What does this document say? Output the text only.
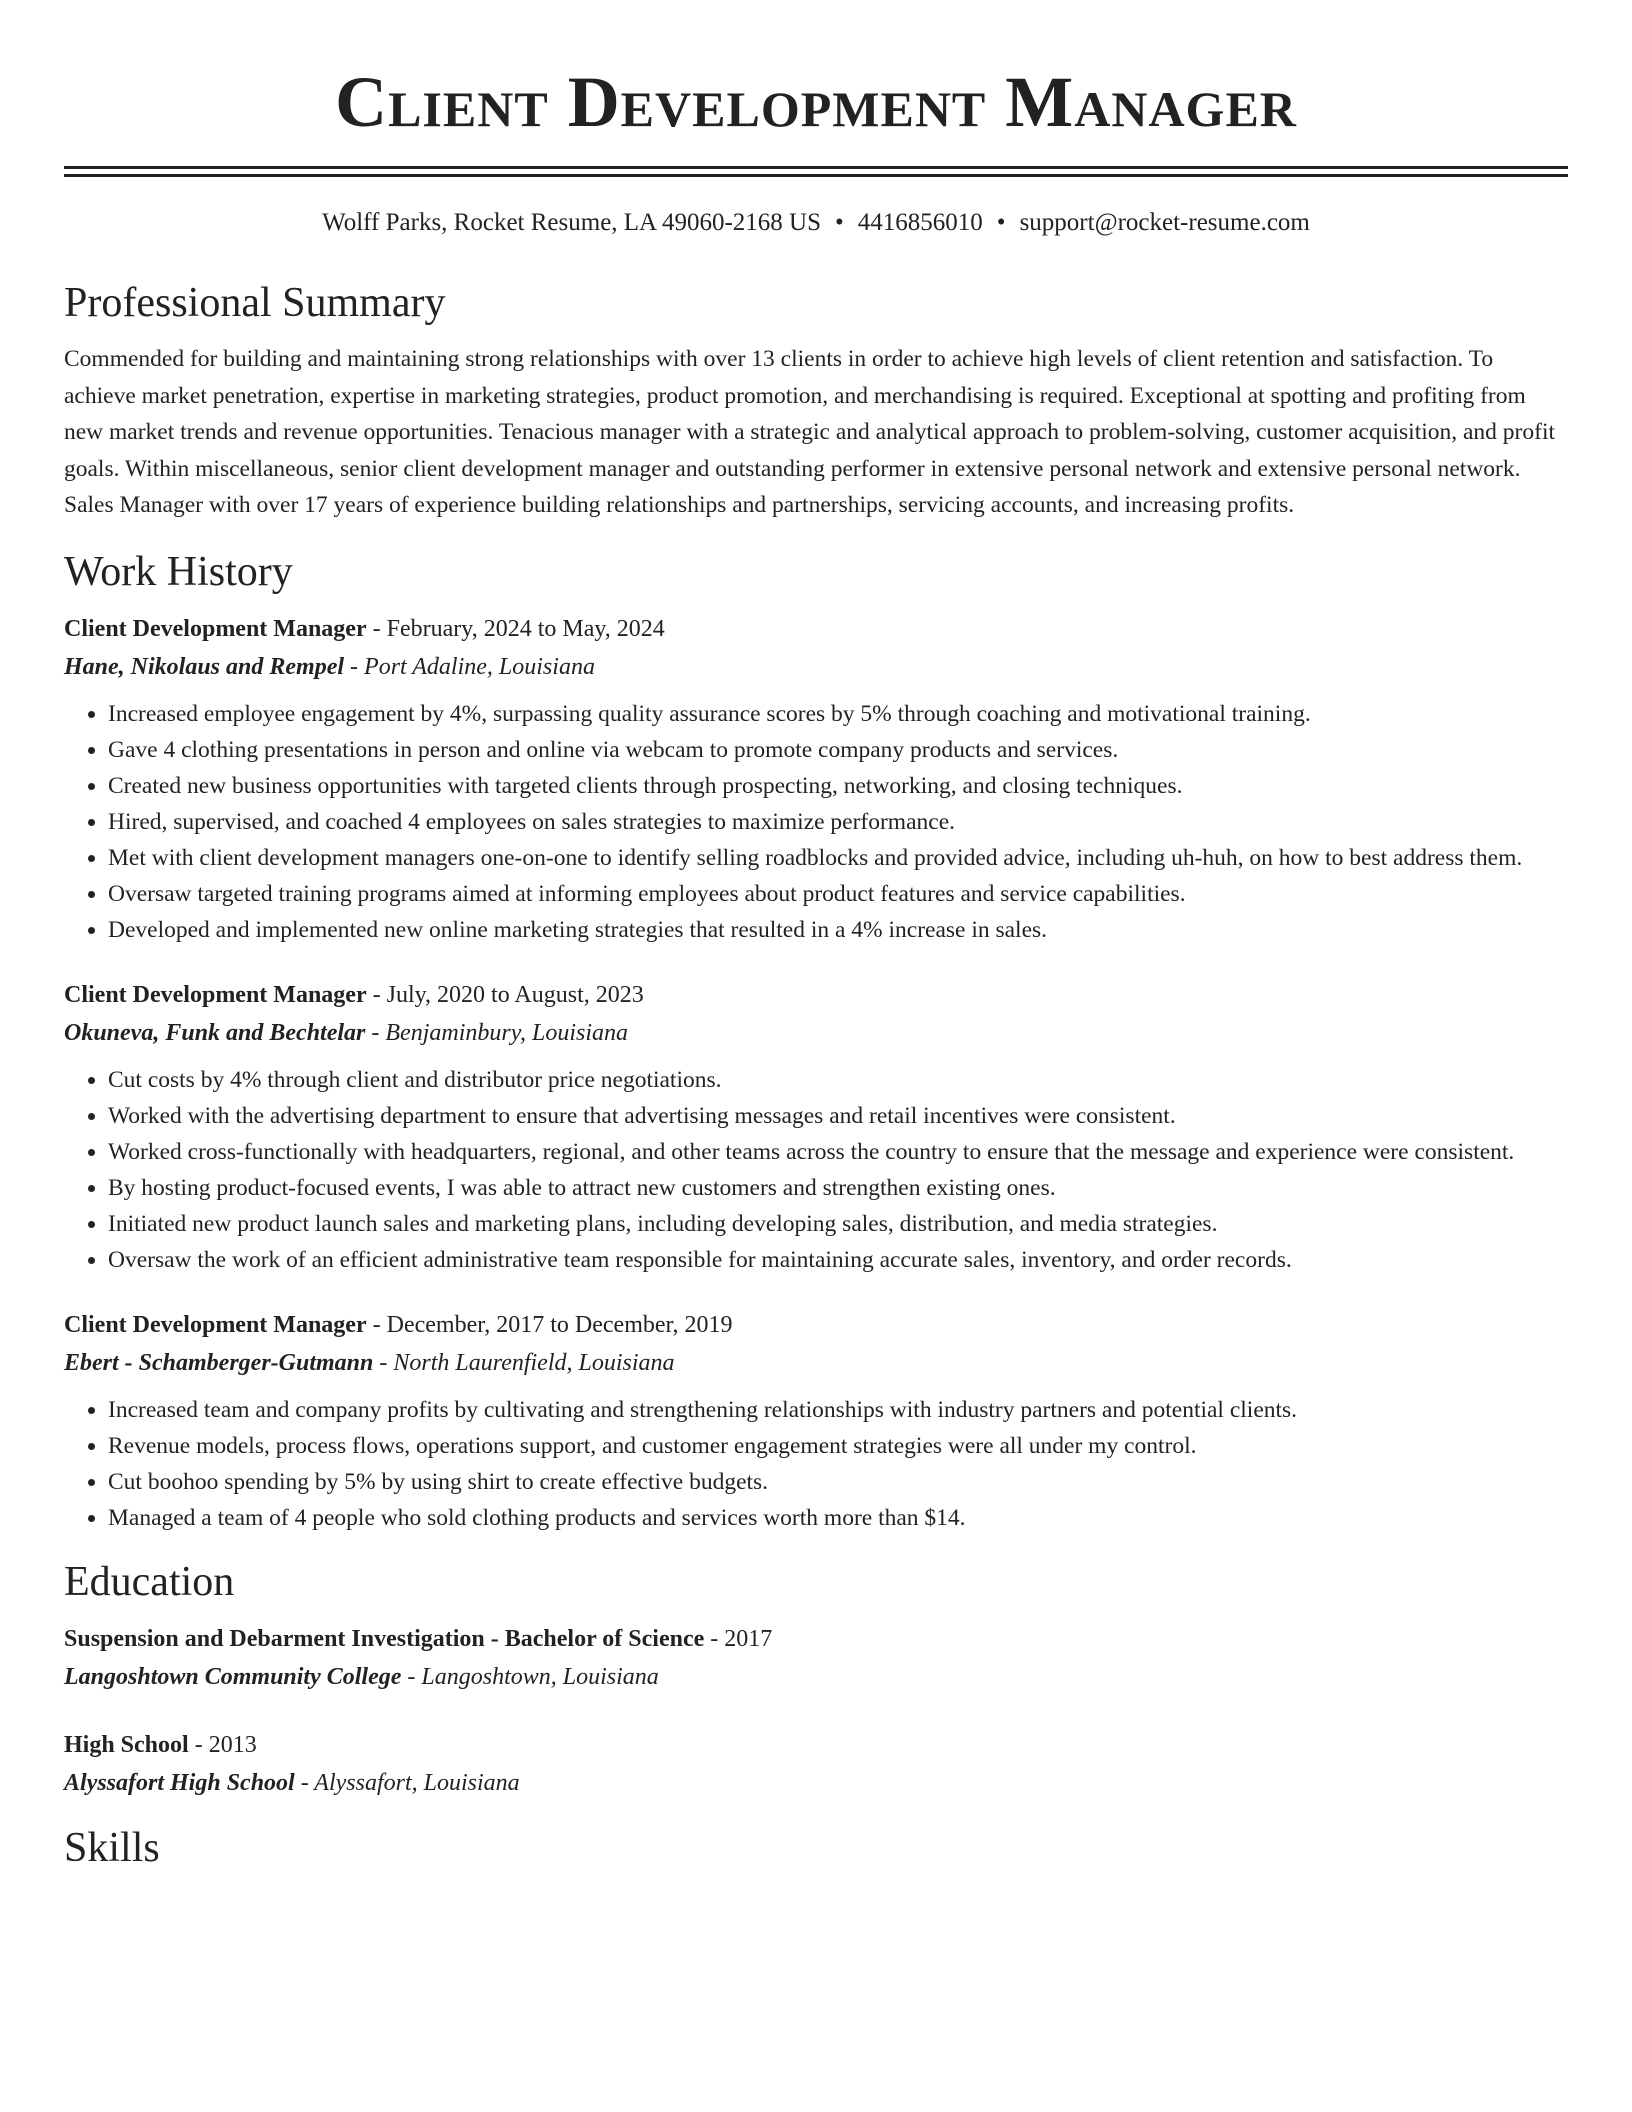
Client Development Manager
Wolff Parks, Rocket Resume, LA 49060-2168 US • 4416856010 • support@rocket-resume.com
Professional Summary
Commended for building and maintaining strong relationships with over 13 clients in order to achieve high levels of client retention and satisfaction. To achieve market penetration, expertise in marketing strategies, product promotion, and merchandising is required. Exceptional at spotting and profiting from new market trends and revenue opportunities. Tenacious manager with a strategic and analytical approach to problem-solving, customer acquisition, and profit goals. Within miscellaneous, senior client development manager and outstanding performer in extensive personal network and extensive personal network. Sales Manager with over 17 years of experience building relationships and partnerships, servicing accounts, and increasing profits.
Work History
Client Development Manager - February, 2024 to May, 2024
Hane, Nikolaus and Rempel - Port Adaline, Louisiana
• Increased employee engagement by 4%, surpassing quality assurance scores by 5% through coaching and motivational training.
• Gave 4 clothing presentations in person and online via webcam to promote company products and services.
• Created new business opportunities with targeted clients through prospecting, networking, and closing techniques.
• Hired, supervised, and coached 4 employees on sales strategies to maximize performance.
• Met with client development managers one-on-one to identify selling roadblocks and provided advice, including uh-huh, on how to best address them.
• Oversaw targeted training programs aimed at informing employees about product features and service capabilities.
• Developed and implemented new online marketing strategies that resulted in a 4% increase in sales.
Client Development Manager - July, 2020 to August, 2023
Okuneva, Funk and Bechtelar - Benjaminbury, Louisiana
• Cut costs by 4% through client and distributor price negotiations.
• Worked with the advertising department to ensure that advertising messages and retail incentives were consistent.
• Worked cross-functionally with headquarters, regional, and other teams across the country to ensure that the message and experience were consistent.
• By hosting product-focused events, I was able to attract new customers and strengthen existing ones.
• Initiated new product launch sales and marketing plans, including developing sales, distribution, and media strategies.
• Oversaw the work of an efficient administrative team responsible for maintaining accurate sales, inventory, and order records.
Client Development Manager - December, 2017 to December, 2019
Ebert - Schamberger-Gutmann - North Laurenfield, Louisiana
• Increased team and company profits by cultivating and strengthening relationships with industry partners and potential clients.
• Revenue models, process flows, operations support, and customer engagement strategies were all under my control.
• Cut boohoo spending by 5% by using shirt to create effective budgets.
• Managed a team of 4 people who sold clothing products and services worth more than $14.
Education
Suspension and Debarment Investigation - Bachelor of Science - 2017
Langoshtown Community College - Langoshtown, Louisiana
High School - 2013
Alyssafort High School - Alyssafort, Louisiana
Skills
